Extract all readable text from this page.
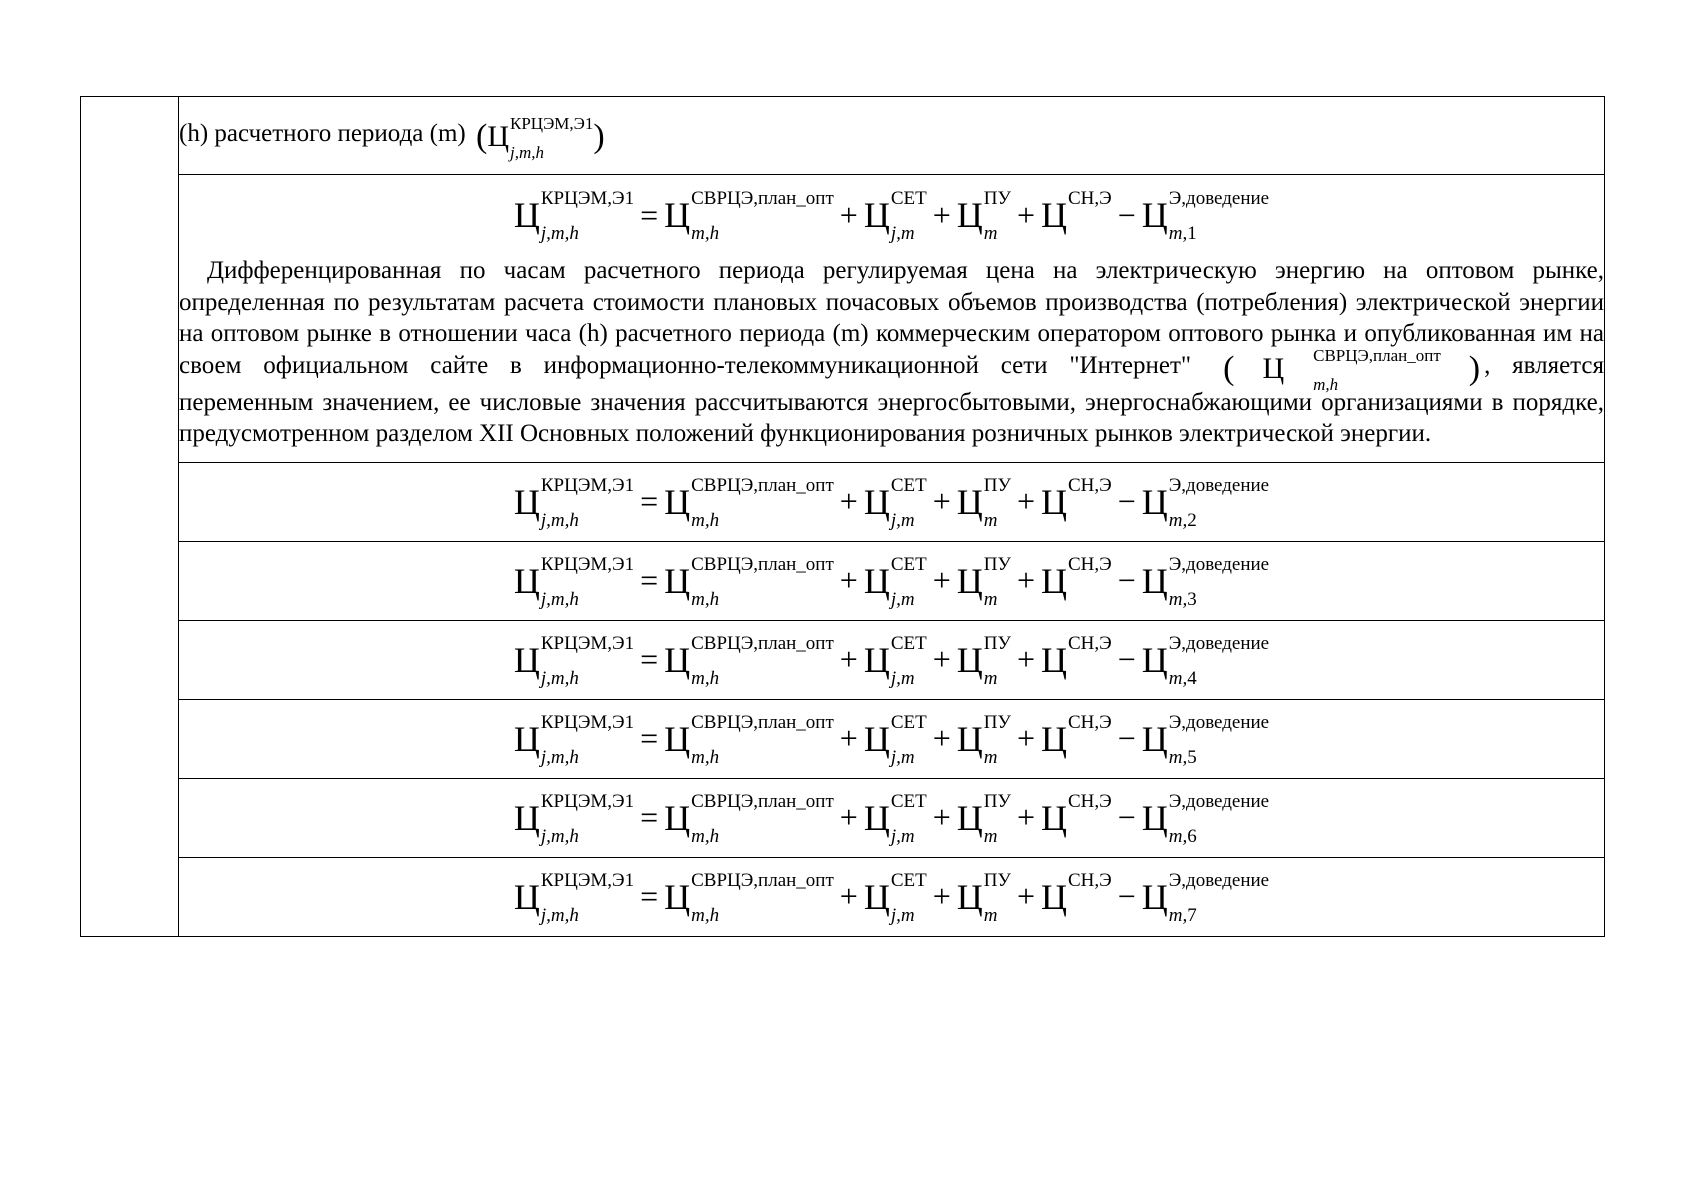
(h) расчетного периода (m) ( Ц КРЦЭМ,Э1
j,m,h	)

Ц КРЦЭМ,Э1
j,m,h
= Ц СВРЦЭ,план_опт
m,h
+ Ц СЕТ
j,m
+ Ц ПУ
m
+ Ц СН,Э − Ц Э,доведение
m,1
Дифференцированная по часам расчетного периода регулируемая цена на электрическую энергию на оптовом рынке, определенная по результатам расчета стоимости плановых почасовых объемов производства (потребления) электрической энергии на оптовом рынке в отношении часа (h) расчетного периода (m) коммерческим оператором оптового рынка и опубликованная им на своем официальном сайте в информационно-телекоммуникационной сети "Интернет" ( Ц	СВРЦЭ,план_опт
m,h	) , является переменным значением, ее числовые значения рассчитываются энергосбытовыми, энергоснабжающими организациями в порядке, предусмотренном разделом XII Основных положений функционирования розничных рынков электрической энергии.

Ц КРЦЭМ,Э1
j,m,h
= Ц СВРЦЭ,план_опт
m,h
+ Ц СЕТ
j,m
+ Ц ПУ
m
+ Ц СН,Э − Ц Э,доведение
m,2

Ц КРЦЭМ,Э1
j,m,h
= Ц СВРЦЭ,план_опт
m,h
+ Ц СЕТ
j,m
+ Ц ПУ
m
+ Ц СН,Э − Ц Э,доведение
m,3

Ц КРЦЭМ,Э1
j,m,h
= Ц СВРЦЭ,план_опт
m,h
+ Ц СЕТ
j,m
+ Ц ПУ
m
+ Ц СН,Э − Ц Э,доведение
m,4

Ц КРЦЭМ,Э1
j,m,h
= Ц СВРЦЭ,план_опт
m,h
+ Ц СЕТ
j,m
+ Ц ПУ
m
+ Ц СН,Э − Ц Э,доведение
m,5

Ц КРЦЭМ,Э1
j,m,h
= Ц СВРЦЭ,план_опт
m,h
+ Ц СЕТ
j,m
+ Ц ПУ
m
+ Ц СН,Э − Ц Э,доведение
m,6

Ц КРЦЭМ,Э1
j,m,h
= Ц СВРЦЭ,план_опт
m,h
+ Ц СЕТ
j,m
+ Ц ПУ
m
+ Ц СН,Э − Ц Э,доведение
m,7
